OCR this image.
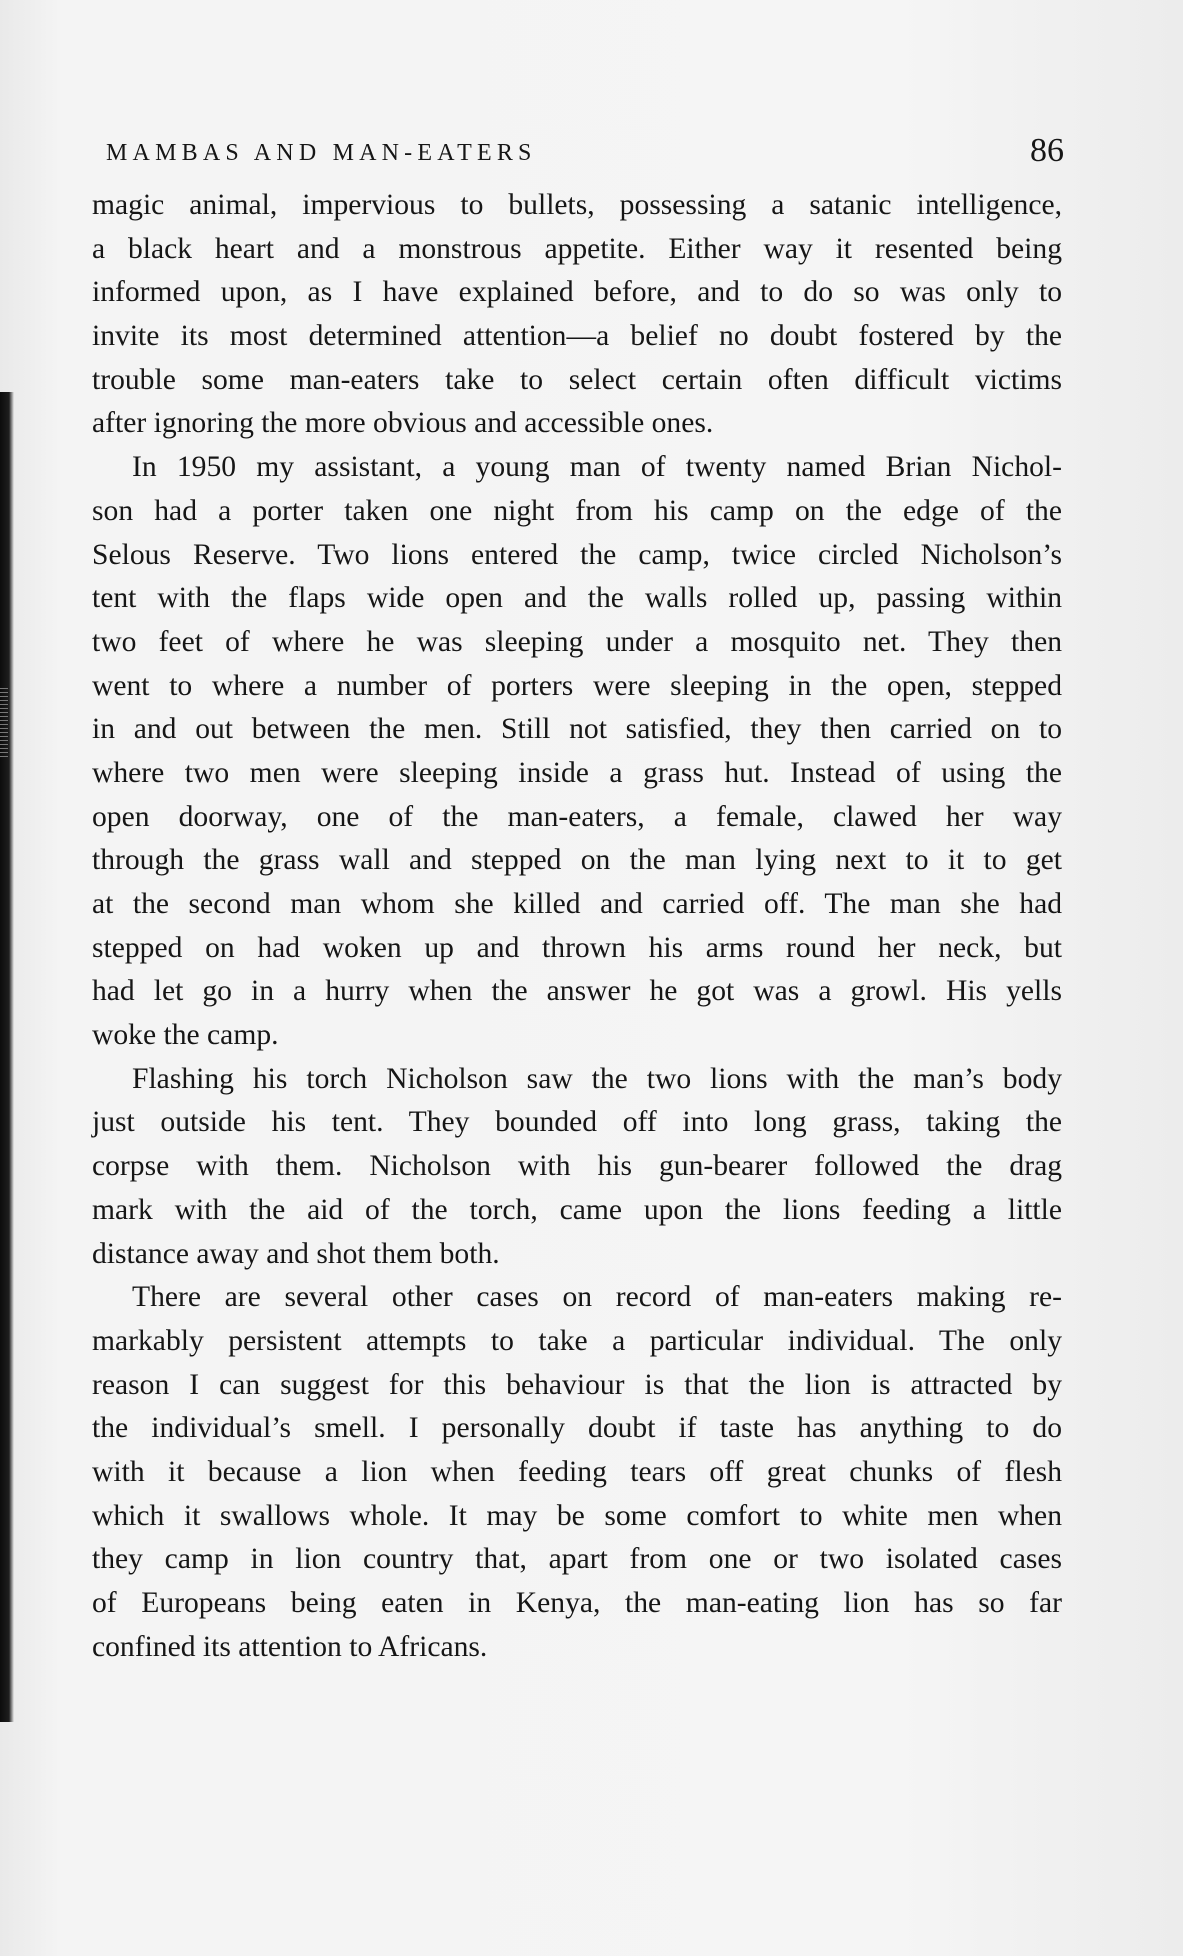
MAMBAS AND MAN-EATERS	86
magic animal, impervious to bullets, possessing a satanic intelligence,
a black heart and a monstrous appetite. Either way it resented being
informed upon, as I have explained before, and to do so was only to
invite its most determined attention—a belief no doubt fostered by the
trouble some man-eaters take to select certain often difficult victims
after ignoring the more obvious and accessible ones.
In 1950 my assistant, a young man of twenty named Brian Nichol-
son had a porter taken one night from his camp on the edge of the
Selous Reserve. Two lions entered the camp, twice circled Nicholson’s
tent with the flaps wide open and the walls rolled up, passing within
two feet of where he was sleeping under a mosquito net. They then
went to where a number of porters were sleeping in the open, stepped
in and out between the men. Still not satisfied, they then carried on to
where two men were sleeping inside a grass hut. Instead of using the
open doorway, one of the man-eaters, a female, clawed her way
through the grass wall and stepped on the man lying next to it to get
at the second man whom she killed and carried off. The man she had
stepped on had woken up and thrown his arms round her neck, but
had let go in a hurry when the answer he got was a growl. His yells
woke the camp.
Flashing his torch Nicholson saw the two lions with the man’s body
just outside his tent. They bounded off into long grass, taking the
corpse with them. Nicholson with his gun-bearer followed the drag
mark with the aid of the torch, came upon the lions feeding a little
distance away and shot them both.
There are several other cases on record of man-eaters making re-
markably persistent attempts to take a particular individual. The only
reason I can suggest for this behaviour is that the lion is attracted by
the individual’s smell. I personally doubt if taste has anything to do
with it because a lion when feeding tears off great chunks of flesh
which it swallows whole. It may be some comfort to white men when
they camp in lion country that, apart from one or two isolated cases
of Europeans being eaten in Kenya, the man-eating lion has so far
confined its attention to Africans.
